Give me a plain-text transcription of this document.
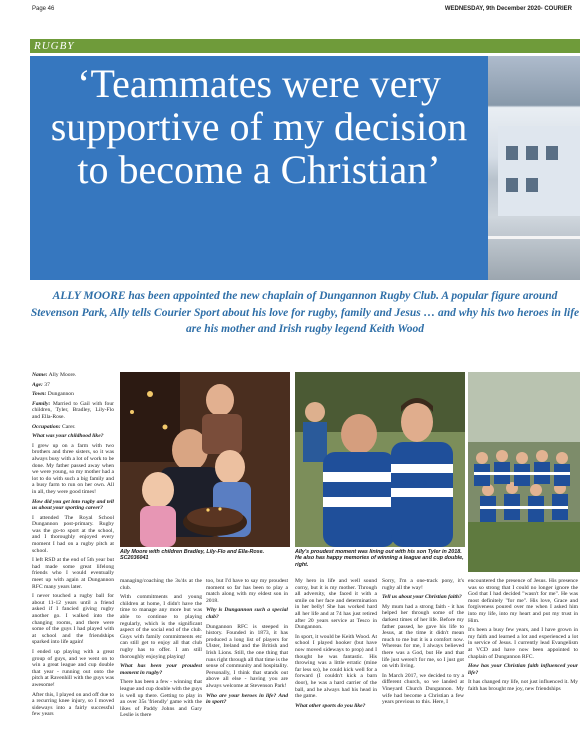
Page 46	WEDNESDAY, 9th December 2020- COURIER
RUGBY
‘Teammates were very supportive of my decision to become a Christian’
ALLY MOORE has been appointed the new chaplain of Dungannon Rugby Club. A popular figure around Stevenson Park, Ally tells Courier Sport about his love for rugby, family and Jesus … and why his two heroes in life are his mother and Irish rugby legend Keith Wood

Name: Ally Moore.

Age: 37

Town: Dungannon

Family: Married to Gail with four children, Tyler, Bradley, Lily-Flo and Ella-Rose.

Occupation: Carer.

What was your childhood like?

I grew up on a farm with two brothers and three sisters, so it was always busy with a lot of work to be done. My father passed away when we were young, so my mother had a lot to do with such a big family and a busy farm to run on her own. All in all, they were good times!

How did you get into rugby and tell us about your sporting career?

I attended The Royal School Dungannon post-primary. Rugby was the go-to sport at the school, and I thoroughly enjoyed every moment I had on a rugby pitch at school.

I left RSD at the end of 5th year but had made some great lifelong friends who I would eventually meet up with again at Dungannon RFC many years later.

I never touched a rugby ball for about 11-12 years until a friend asked if I fancied giving rugby another go. I walked into the changing rooms, and there were some of the guys I had played with at school and the friendships sparked into life again!

I ended up playing with a great group of guys, and we went on to win a great league and cup double that year - running out onto the pitch at Ravenhill with the guys was awesome!

After this, I played on and off due to a recurring knee injury, so I moved sideways into a fairly successful few years

Ally Moore with children Bradley, Lily-Flo and Ella-Rose. SC2036041
Hobs
Electro
Ally's proudest moment was lining out with his son Tyler in 2018. He also has happy memories of winning a league and cup double, right.

managing/coaching the 3s/4s at the club.

With commitments and young children at home, I didn't have the time to manage any more but was able to continue to playing regularly, which is the significant aspect of the social end of the club. Guys with family commitments etc can still get to enjoy all that club rugby has to offer. I am still thoroughly enjoying playing!

What has been your proudest moment in rugby?

There has been a few - winning that league and cup double with the guys is well up there. Getting to play in an over 35s 'friendly' game with the likes of Paddy Johns and Gary Leslie is there

too, but I'd have to say my proudest moment so far has been to play a match along with my eldest son in 2018.

Why is Dungannon such a special club?

Dungannon RFC is steeped in history. Founded in 1873, it has produced a long list of players for Ulster, Ireland and the British and Irish Lions. Still, the one thing that runs right through all that time is the sense of community and hospitality. Personally, I think that stands out above all else - having you are always welcome at Stevenson Park!

Who are your heroes in life? And in sport?

My hero in life and well sound corny, but it is my mother. Through all adversity, she faced it with a smile on her face and determination in her belly! She has worked hard all her life and at 74 has just retired after 20 years service at Tesco in Dungannon.

In sport, it would be Keith Wood. At school I played hooker (but have now moved sideways to prop) and I thought he was fantastic. His throwing was a little erratic (mine far less so), he could kick well for a forward (I couldn't kick a barn door), he was a hard carrier of the ball, and he always had his head in the game.

What other sports do you like?

Sorry, I'm a one-track pony, it's rugby all the way!

Tell us about your Christian faith?

My mum had a strong faith - it has helped her through some of the darkest times of her life. Before my father passed, he gave his life to Jesus, at the time it didn't mean much to me but it is a comfort now. Whereas for me, I always believed there was a God, but He and that life just weren't for me, so I just got on with living.

In March 2017, we decided to try a different church, so we landed at Vineyard Church Dungannon. My wife had become a Christian a few years previous to this. Here, I

encountered the presence of Jesus. His presence was so strong that I could no longer ignore the God that I had decided "wasn't for me". He was most definitely "for me". His love, Grace and forgiveness poured over me when I asked him into my life, into my heart and put my trust in Him.

It's been a busy few years, and I have grown in my faith and learned a lot and experienced a lot in service of Jesus. I currently lead Evangelism at VCD and have now been appointed to chaplain of Dungannon RFC.

How has your Christian faith influenced your life?

It has changed my life, not just influenced it. My faith has brought me joy, new friendships
